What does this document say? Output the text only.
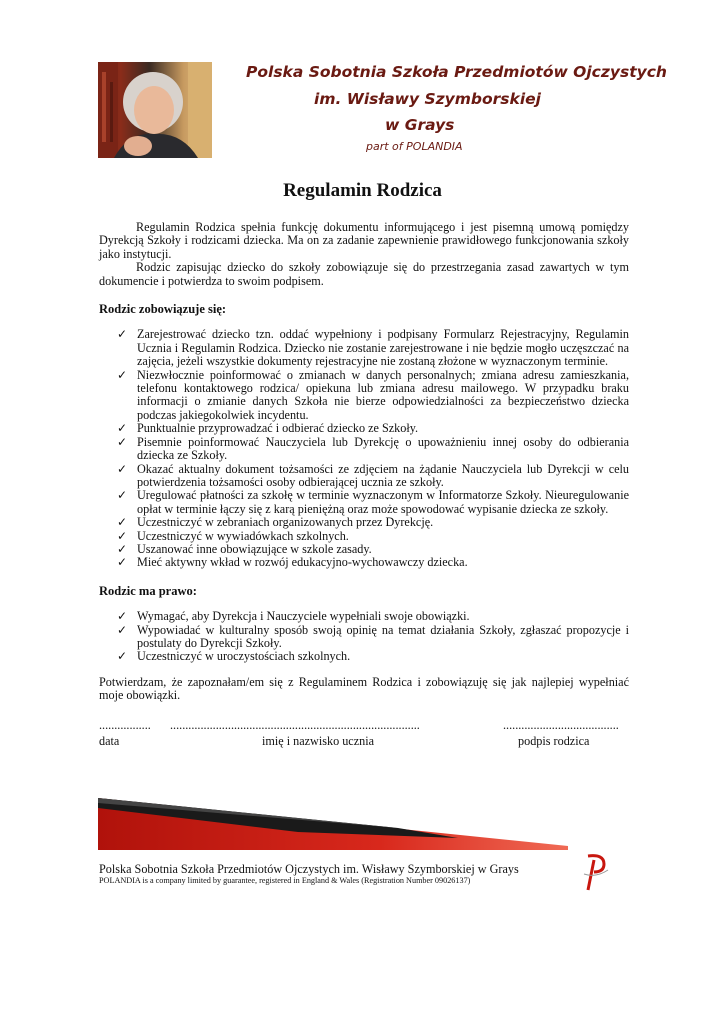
Polska Sobotnia Szkoła Przedmiotów Ojczystych
im. Wisławy Szymborskiej
w Grays
part of POLANDIA
Regulamin Rodzica

Regulamin Rodzica spełnia funkcję dokumentu informującego i jest pisemną umową pomiędzy Dyrekcją Szkoły i rodzicami dziecka. Ma on za zadanie zapewnienie prawidłowego funkcjonowania szkoły jako instytucji.

Rodzic zapisując dziecko do szkoły zobowiązuje się do przestrzegania zasad zawartych w tym dokumencie i potwierdza to swoim podpisem.

Rodzic zobowiązuje się:

✓ Zarejestrować dziecko tzn. oddać wypełniony i podpisany Formularz Rejestracyjny, Regulamin Ucznia i Regulamin Rodzica. Dziecko nie zostanie zarejestrowane i nie będzie mogło uczęszczać na zajęcia, jeżeli wszystkie dokumenty rejestracyjne nie zostaną złożone w wyznaczonym terminie.
✓ Niezwłocznie poinformować o zmianach w danych personalnych; zmiana adresu zamieszkania, telefonu kontaktowego rodzica/ opiekuna lub zmiana adresu mailowego. W przypadku braku informacji o zmianie danych Szkoła nie bierze odpowiedzialności za bezpieczeństwo dziecka podczas jakiegokolwiek incydentu.
✓ Punktualnie przyprowadzać i odbierać dziecko ze Szkoły.
✓ Pisemnie poinformować Nauczyciela lub Dyrekcję o upoważnieniu innej osoby do odbierania dziecka ze Szkoły.
✓ Okazać aktualny dokument tożsamości ze zdjęciem na żądanie Nauczyciela lub Dyrekcji w celu potwierdzenia tożsamości osoby odbierającej ucznia ze szkoły.
✓ Uregulować płatności za szkołę w terminie wyznaczonym w Informatorze Szkoły. Nieuregulowanie opłat w terminie łączy się z karą pieniężną oraz może spowodować wypisanie dziecka ze szkoły.
✓ Uczestniczyć w zebraniach organizowanych przez Dyrekcję.
✓ Uczestniczyć w wywiadówkach szkolnych.
✓ Uszanować inne obowiązujące w szkole zasady.
✓ Mieć aktywny wkład w rozwój edukacyjno-wychowawczy dziecka.

Rodzic ma prawo:

✓ Wymagać, aby Dyrekcja i Nauczyciele wypełniali swoje obowiązki.
✓ Wypowiadać w kulturalny sposób swoją opinię na temat działania Szkoły, zgłaszać propozycje i postulaty do Dyrekcji Szkoły.
✓ Uczestniczyć w uroczystościach szkolnych.

Potwierdzam, że zapoznałam/em się z Regulaminem Rodzica i zobowiązuję się jak najlepiej wypełniać moje obowiązki.

................. ..................................................................................	......................................
data	imię i nazwisko ucznia	podpis rodzica
Polska Sobotnia Szkoła Przedmiotów Ojczystych im. Wisławy Szymborskiej w Grays
POLANDIA is a company limited by guarantee, registered in England & Wales (Registration Number 09026137)
